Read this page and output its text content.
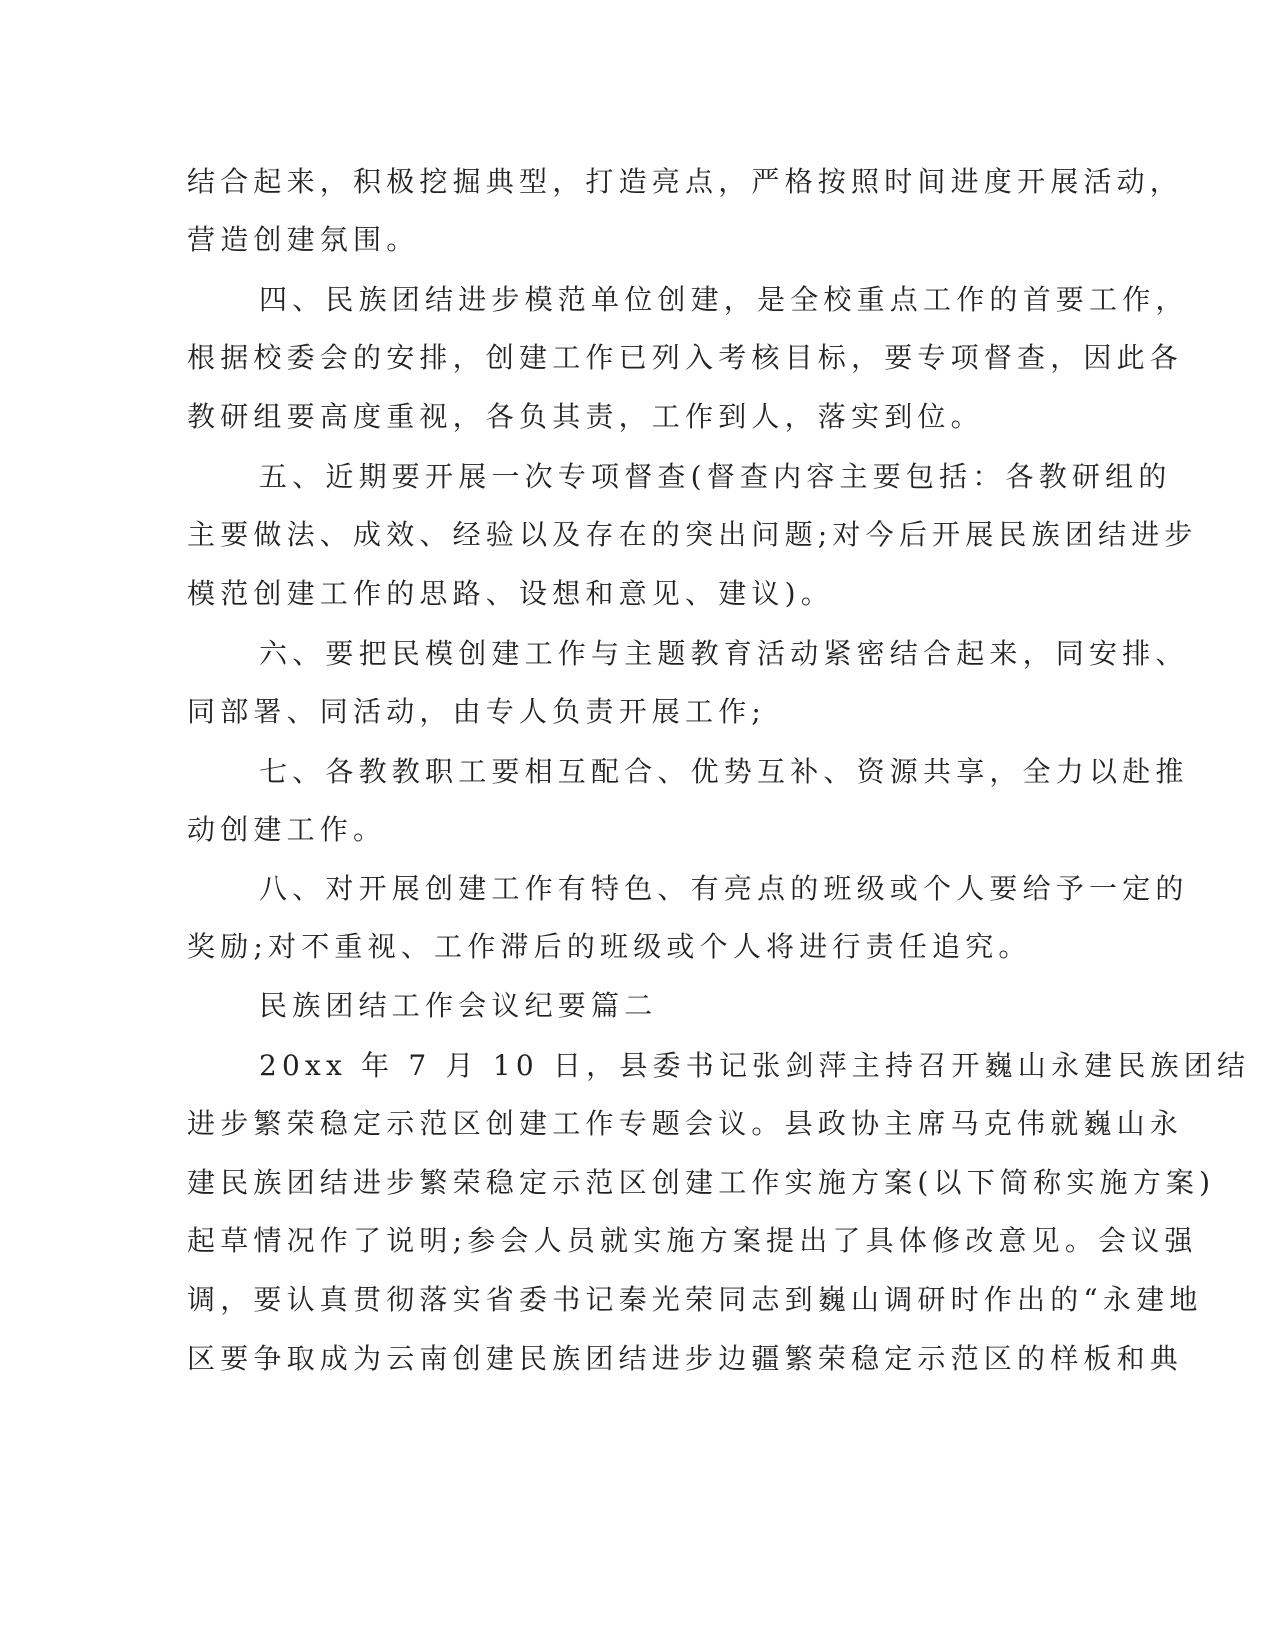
结合起来，积极挖掘典型，打造亮点，严格按照时间进度开展活动，
营造创建氛围。
四、民族团结进步模范单位创建，是全校重点工作的首要工作，
根据校委会的安排，创建工作已列入考核目标，要专项督查，因此各
教研组要高度重视，各负其责，工作到人，落实到位。
五、近期要开展一次专项督查(督查内容主要包括：各教研组的
主要做法、成效、经验以及存在的突出问题;对今后开展民族团结进步
模范创建工作的思路、设想和意见、建议)。
六、要把民模创建工作与主题教育活动紧密结合起来，同安排、
同部署、同活动，由专人负责开展工作;
七、各教教职工要相互配合、优势互补、资源共享，全力以赴推
动创建工作。
八、对开展创建工作有特色、有亮点的班级或个人要给予一定的
奖励;对不重视、工作滞后的班级或个人将进行责任追究。
民族团结工作会议纪要篇二
20xx 年 7 月 10 日，县委书记张剑萍主持召开巍山永建民族团结
进步繁荣稳定示范区创建工作专题会议。县政协主席马克伟就巍山永
建民族团结进步繁荣稳定示范区创建工作实施方案(以下简称实施方案)
起草情况作了说明;参会人员就实施方案提出了具体修改意见。会议强
调，要认真贯彻落实省委书记秦光荣同志到巍山调研时作出的“永建地
区要争取成为云南创建民族团结进步边疆繁荣稳定示范区的样板和典
